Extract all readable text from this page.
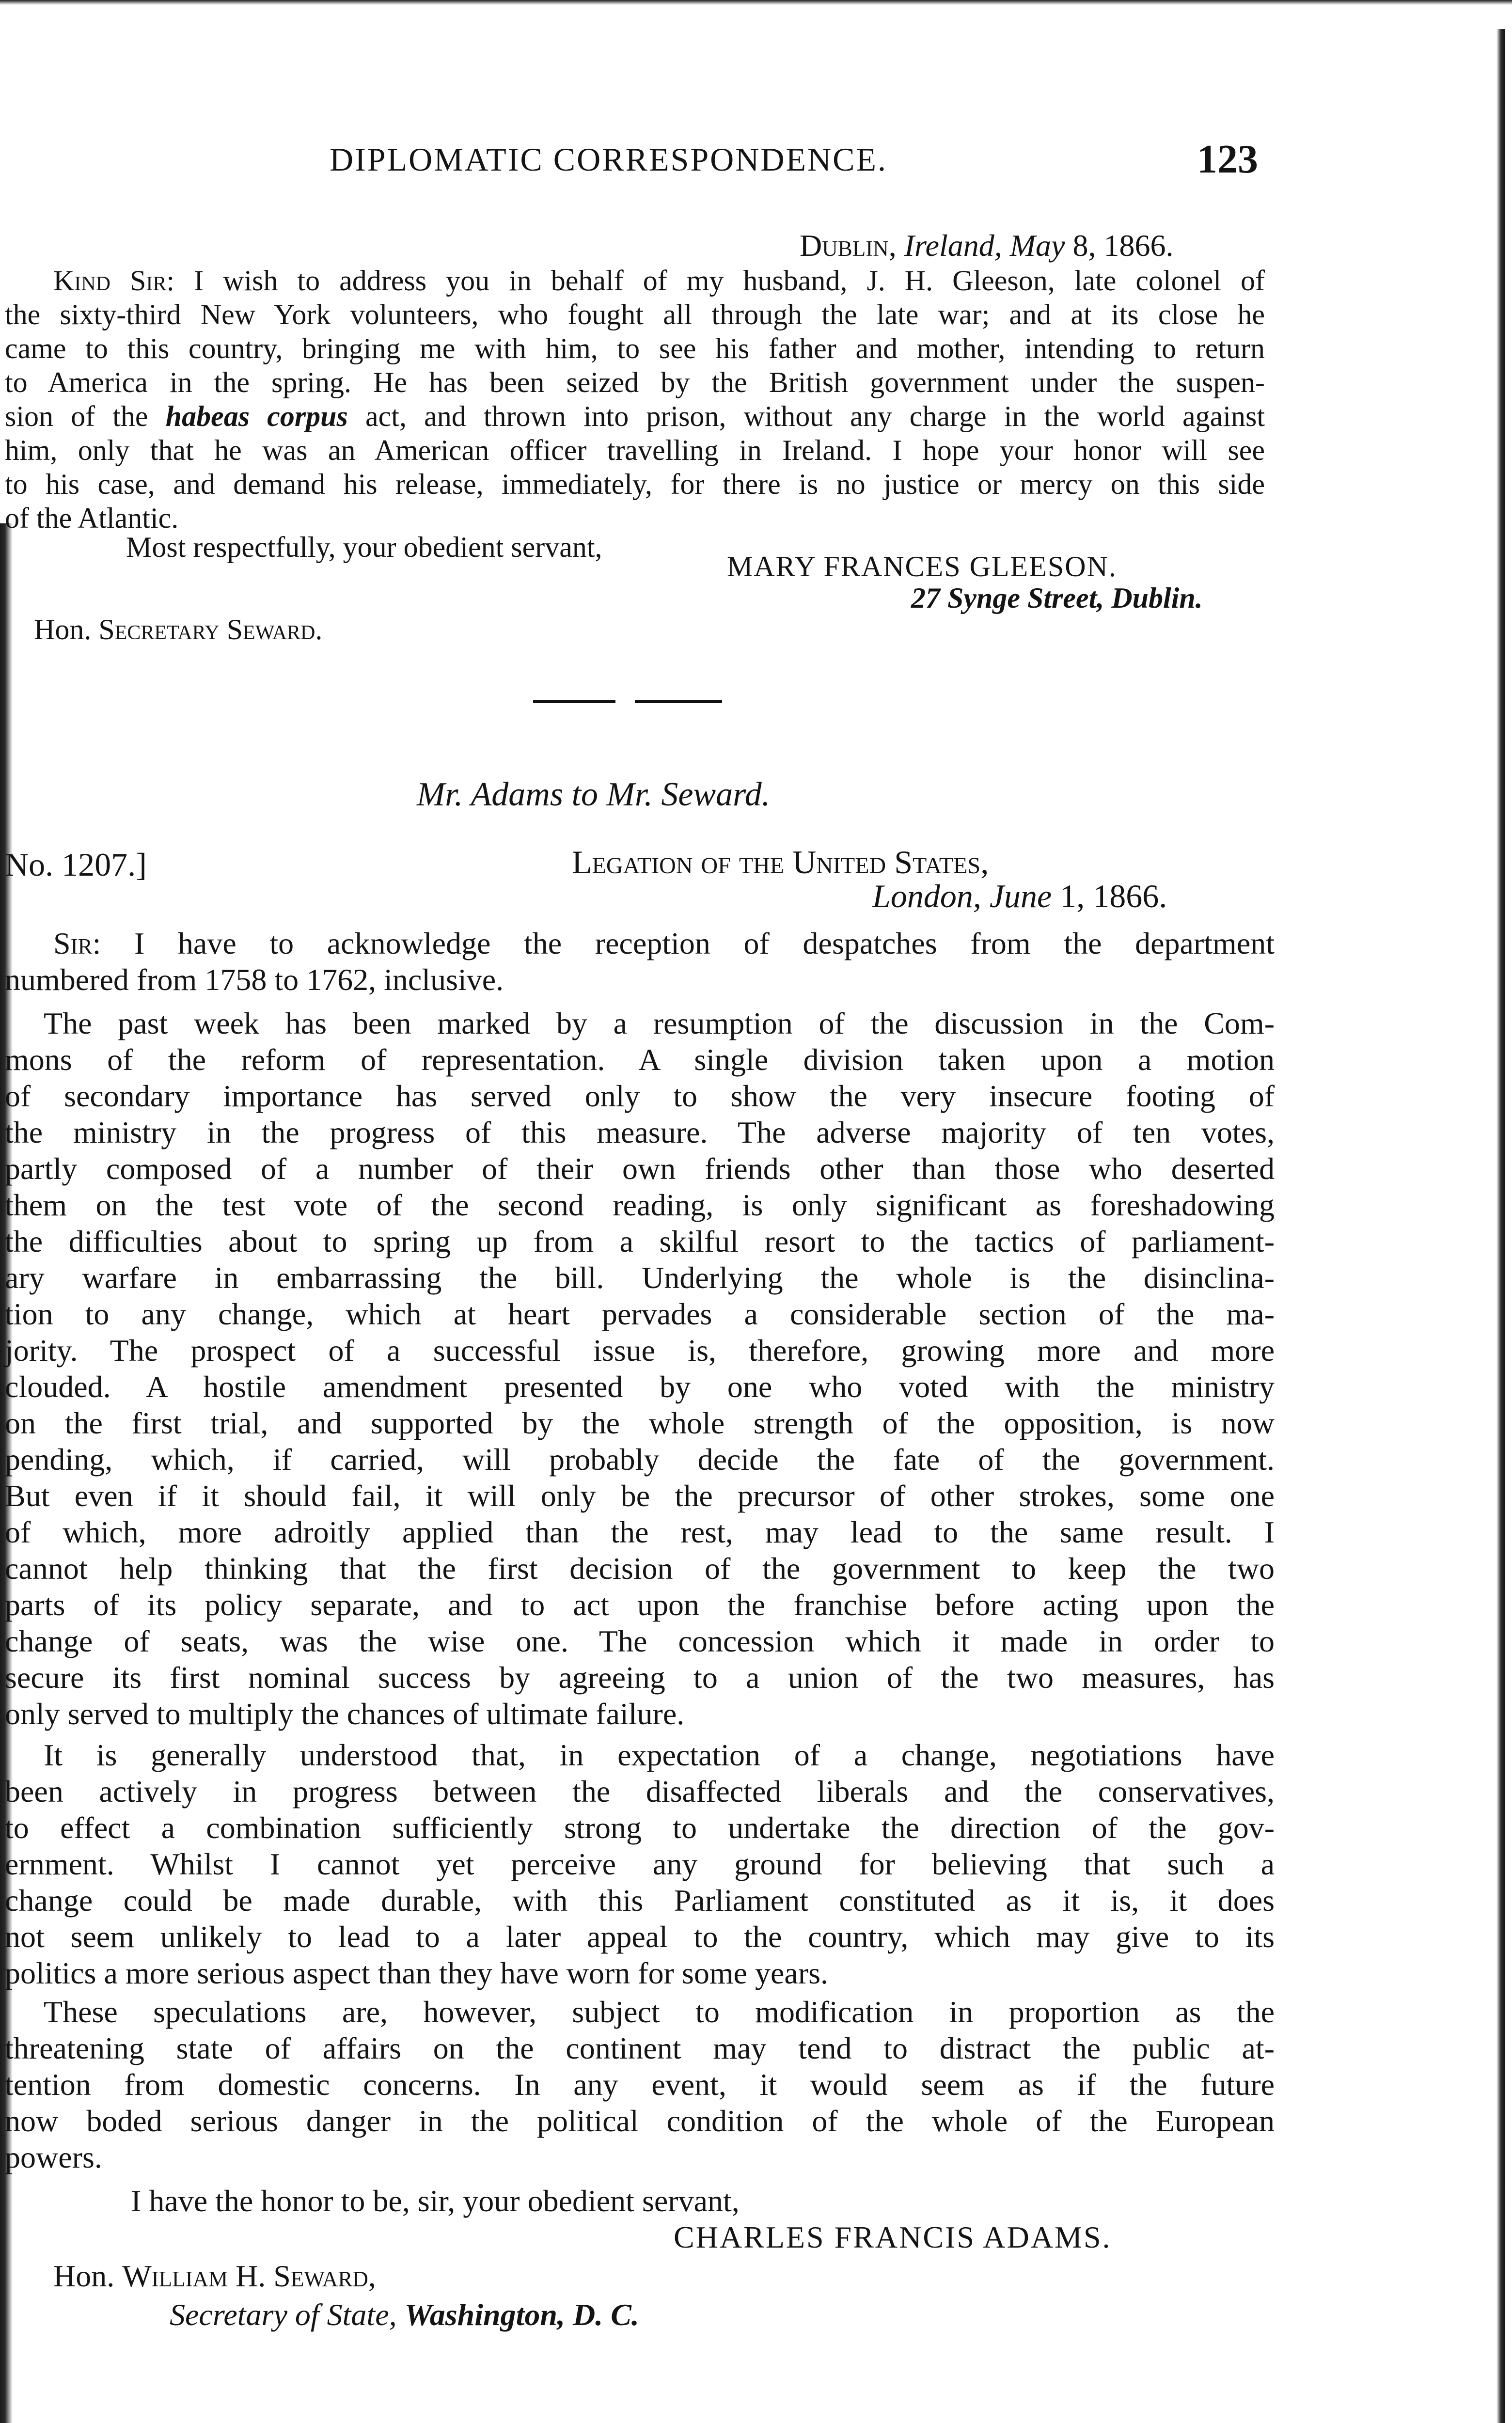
DIPLOMATIC CORRESPONDENCE.	123
Dublin, Ireland, May 8, 1866.
Kind Sir: I wish to address you in behalf of my husband, J. H. Gleeson, late colonel of
the sixty-third New York volunteers, who fought all through the late war; and at its close he
came to this country, bringing me with him, to see his father and mother, intending to return
to America in the spring. He has been seized by the British government under the suspen-
sion of the habeas corpus act, and thrown into prison, without any charge in the world against
him, only that he was an American officer travelling in Ireland. I hope your honor will see
to his case, and demand his release, immediately, for there is no justice or mercy on this side
of the Atlantic.
Most respectfully, your obedient servant,
MARY FRANCES GLEESON.
27 Synge Street, Dublin.
Hon. Secretary Seward.
Mr. Adams to Mr. Seward.
No. 1207.]	Legation of the United States,
London, June 1, 1866.
Sir: I have to acknowledge the reception of despatches from the department
numbered from 1758 to 1762, inclusive.
The past week has been marked by a resumption of the discussion in the Com-
mons of the reform of representation. A single division taken upon a motion
of secondary importance has served only to show the very insecure footing of
the ministry in the progress of this measure. The adverse majority of ten votes,
partly composed of a number of their own friends other than those who deserted
them on the test vote of the second reading, is only significant as foreshadowing
the difficulties about to spring up from a skilful resort to the tactics of parliament-
ary warfare in embarrassing the bill. Underlying the whole is the disinclina-
tion to any change, which at heart pervades a considerable section of the ma-
jority. The prospect of a successful issue is, therefore, growing more and more
clouded. A hostile amendment presented by one who voted with the ministry
on the first trial, and supported by the whole strength of the opposition, is now
pending, which, if carried, will probably decide the fate of the government.
But even if it should fail, it will only be the precursor of other strokes, some one
of which, more adroitly applied than the rest, may lead to the same result. I
cannot help thinking that the first decision of the government to keep the two
parts of its policy separate, and to act upon the franchise before acting upon the
change of seats, was the wise one. The concession which it made in order to
secure its first nominal success by agreeing to a union of the two measures, has
only served to multiply the chances of ultimate failure.
It is generally understood that, in expectation of a change, negotiations have
been actively in progress between the disaffected liberals and the conservatives,
to effect a combination sufficiently strong to undertake the direction of the gov-
ernment. Whilst I cannot yet perceive any ground for believing that such a
change could be made durable, with this Parliament constituted as it is, it does
not seem unlikely to lead to a later appeal to the country, which may give to its
politics a more serious aspect than they have worn for some years.
These speculations are, however, subject to modification in proportion as the
threatening state of affairs on the continent may tend to distract the public at-
tention from domestic concerns. In any event, it would seem as if the future
now boded serious danger in the political condition of the whole of the European
powers.
I have the honor to be, sir, your obedient servant,
CHARLES FRANCIS ADAMS.
Hon. William H. Seward,
Secretary of State, Washington, D. C.
